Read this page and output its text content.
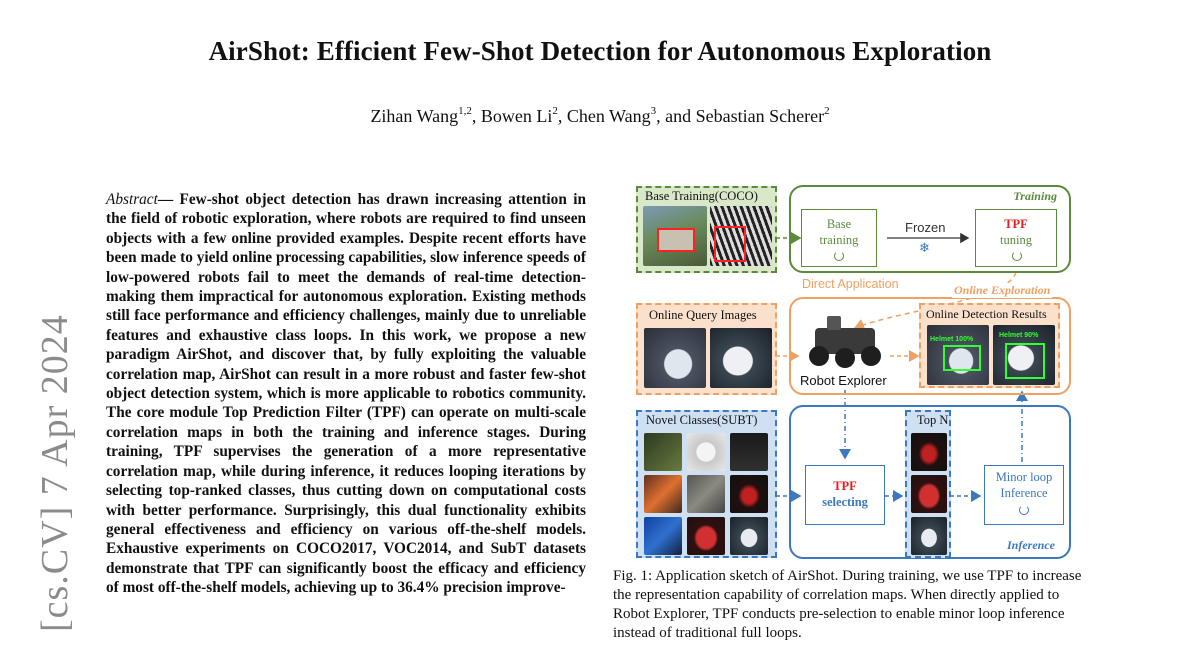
AirShot: Efficient Few-Shot Detection for Autonomous Exploration
Zihan Wang$^{1,2}$, Bowen Li$^2$, Chen Wang$^3$, and Sebastian Scherer$^2$
[cs.CV] 7 Apr 2024
Abstract— Few-shot object detection has drawn increasing attention in the field of robotic exploration, where robots are required to find unseen objects with a few online provided examples. Despite recent efforts have been made to yield online processing capabilities, slow inference speeds of low-powered robots fail to meet the demands of real-time detection-making them impractical for autonomous exploration. Existing methods still face performance and efficiency challenges, mainly due to unreliable features and exhaustive class loops. In this work, we propose a new paradigm AirShot, and discover that, by fully exploiting the valuable correlation map, AirShot can result in a more robust and faster few-shot object detection system, which is more applicable to robotics community. The core module Top Prediction Filter (TPF) can operate on multi-scale correlation maps in both the training and inference stages. During training, TPF supervises the generation of a more representative correlation map, while during inference, it reduces looping iterations by selecting top-ranked classes, thus cutting down on computational costs with better performance. Surprisingly, this dual functionality exhibits general effectiveness and efficiency on various off-the-shelf models. Exhaustive experiments on COCO2017, VOC2014, and SubT datasets demonstrate that TPF can significantly boost the efficacy and efficiency of most off-the-shelf models, achieving up to 36.4% precision improve-
Base Training(COCO)	Training
Base
training
Frozen
❄
TPF
tuning
Direct Application	Online Exploration
Online Query Images
Robot Explorer
Online Detection Results
Helmet 100%
Helmet 90%
Inference
Novel Classes(SUBT)
TPF
selecting
Top N
Minor loop
Inference
Fig. 1: Application sketch of AirShot. During training, we use TPF to increase the representation capability of correlation maps. When directly applied to Robot Explorer, TPF conducts pre-selection to enable minor loop inference instead of traditional full loops.
